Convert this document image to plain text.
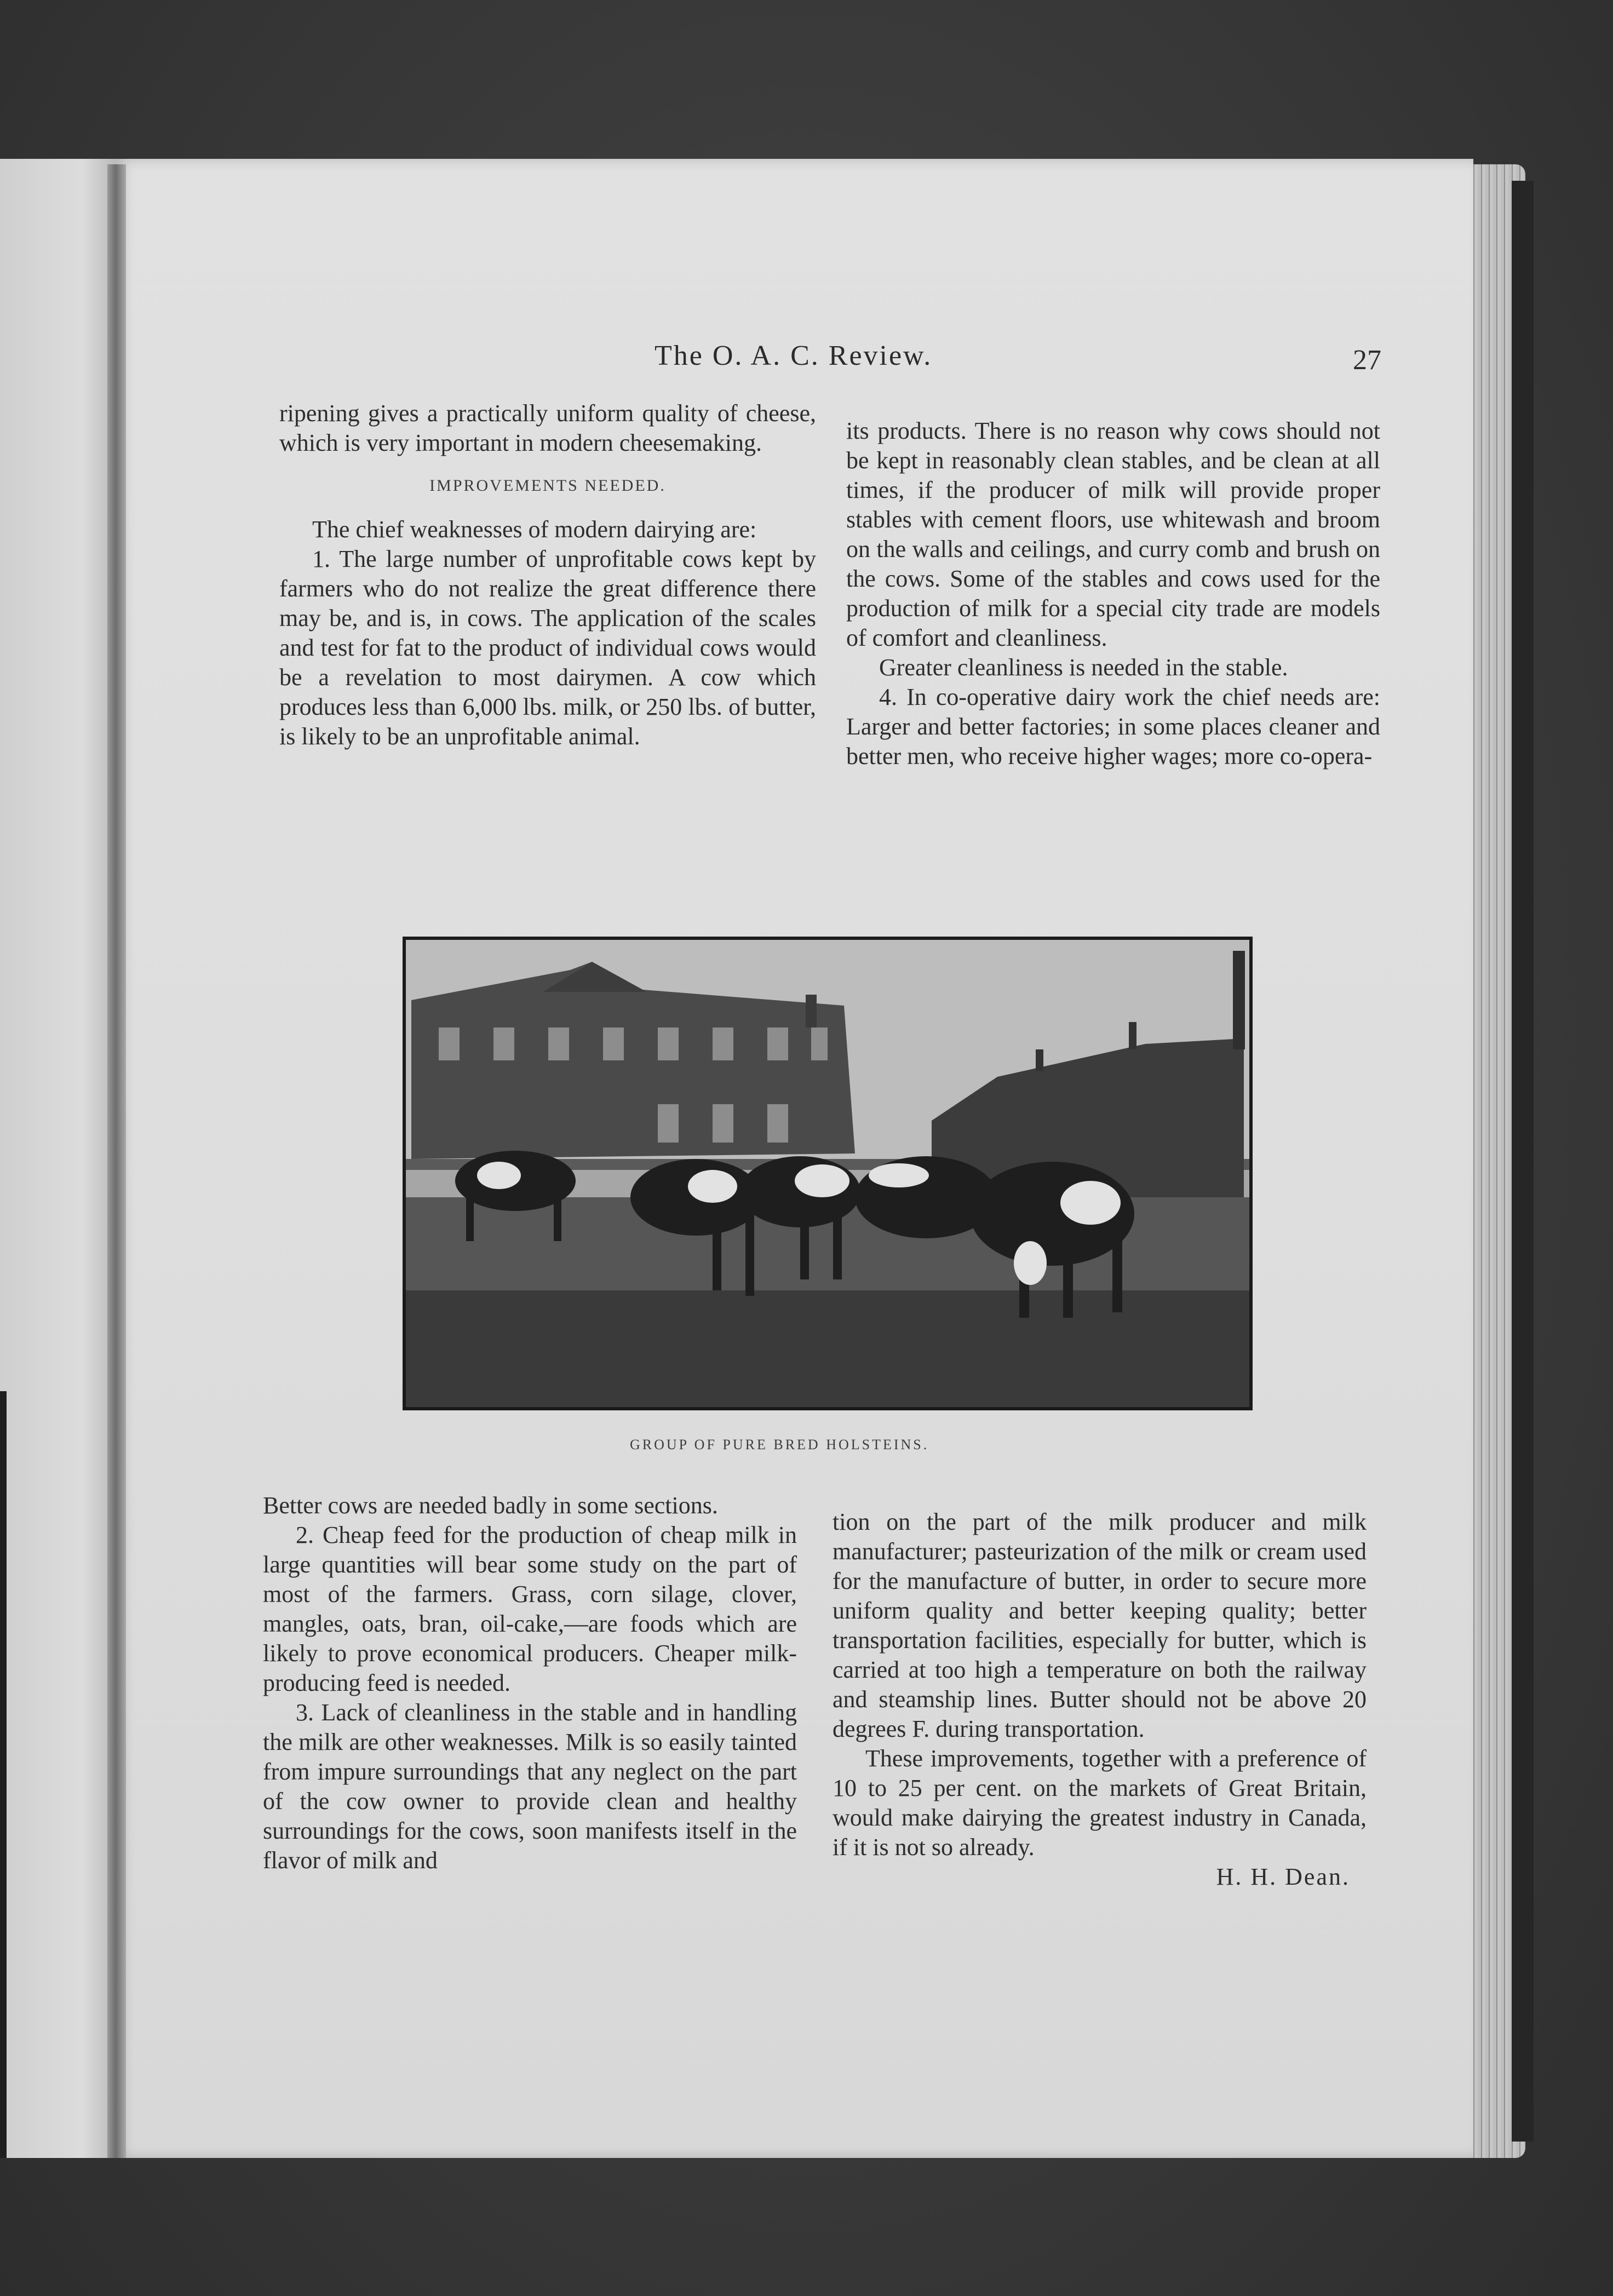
The O. A. C. Review.	27

ripening gives a practically uniform quality of cheese, which is very important in modern cheesemaking.

IMPROVEMENTS NEEDED.

The chief weaknesses of modern dairying are:

1. The large number of unprofitable cows kept by farmers who do not realize the great difference there may be, and is, in cows. The application of the scales and test for fat to the product of individual cows would be a revelation to most dairymen. A cow which produces less than 6,000 lbs. milk, or 250 lbs. of butter, is likely to be an unprofitable animal.

its products. There is no reason why cows should not be kept in reasonably clean stables, and be clean at all times, if the producer of milk will provide proper stables with cement floors, use whitewash and broom on the walls and ceilings, and curry comb and brush on the cows. Some of the stables and cows used for the production of milk for a special city trade are models of comfort and cleanliness.

Greater cleanliness is needed in the stable.

4. In co-operative dairy work the chief needs are: Larger and better factories; in some places cleaner and better men, who receive higher wages; more co-opera-

GROUP OF PURE BRED HOLSTEINS.

Better cows are needed badly in some sections.

2. Cheap feed for the production of cheap milk in large quantities will bear some study on the part of most of the farmers. Grass, corn silage, clover, mangles, oats, bran, oil-cake,—are foods which are likely to prove economical producers. Cheaper milk-producing feed is needed.

3. Lack of cleanliness in the stable and in handling the milk are other weaknesses. Milk is so easily tainted from impure surroundings that any neglect on the part of the cow owner to provide clean and healthy surroundings for the cows, soon manifests itself in the flavor of milk and

tion on the part of the milk producer and milk manufacturer; pasteurization of the milk or cream used for the manufacture of butter, in order to secure more uniform quality and better keeping quality; better transportation facilities, especially for butter, which is carried at too high a temperature on both the railway and steamship lines. Butter should not be above 20 degrees F. during transportation.

These improvements, together with a preference of 10 to 25 per cent. on the markets of Great Britain, would make dairying the greatest industry in Canada, if it is not so already.

H. H. Dean.
